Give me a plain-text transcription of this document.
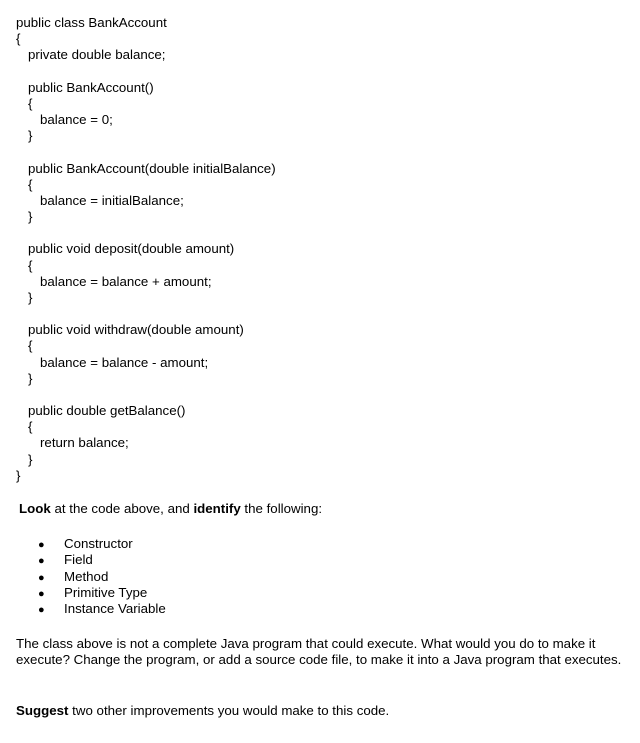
public class BankAccount
{
private double balance;
public BankAccount()
{
balance = 0;
}
public BankAccount(double initialBalance)
{
balance = initialBalance;
}
public void deposit(double amount)
{
balance = balance + amount;
}
public void withdraw(double amount)
{
balance = balance - amount;
}
public double getBalance()
{
return balance;
}
}
Look at the code above, and identify the following:
● Constructor
● Field
● Method
● Primitive Type
● Instance Variable
The class above is not a complete Java program that could execute. What would you do to make it execute? Change the program, or add a source code file, to make it into a Java program that executes.
Suggest two other improvements you would make to this code.
